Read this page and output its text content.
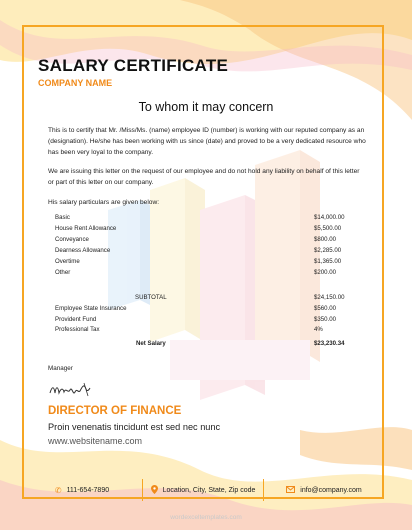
SALARY CERTIFICATE
COMPANY NAME
To whom it may concern
This is to certify that Mr. /Miss/Ms. (name) employee ID (number) is working with our reputed company as an (designation). He/she has been working with us since (date) and proved to be a very dedicated resource who has been very loyal to the company.
We are issuing this letter on the request of our employee and do not hold any liability on behalf of this letter or part of this letter on our company.
His salary particulars are given below:
Basic	$14,000.00
House Rent Allowance	$5,500.00
Conveyance	$800.00
Dearness Allowance	$2,285.00
Overtime	$1,365.00
Other	$200.00
SUBTOTAL	$24,150.00
Employee State Insurance	$560.00
Provident Fund	$350.00
Professional Tax	4%
Net Salary	$23,230.34
Manager
DIRECTOR OF FINANCE
Proin venenatis tincidunt est sed nec nunc
www.websitename.com
✆ 111-654-7890	Location, City, State, Zip code	info@company.com
wordexceltemplates.com
